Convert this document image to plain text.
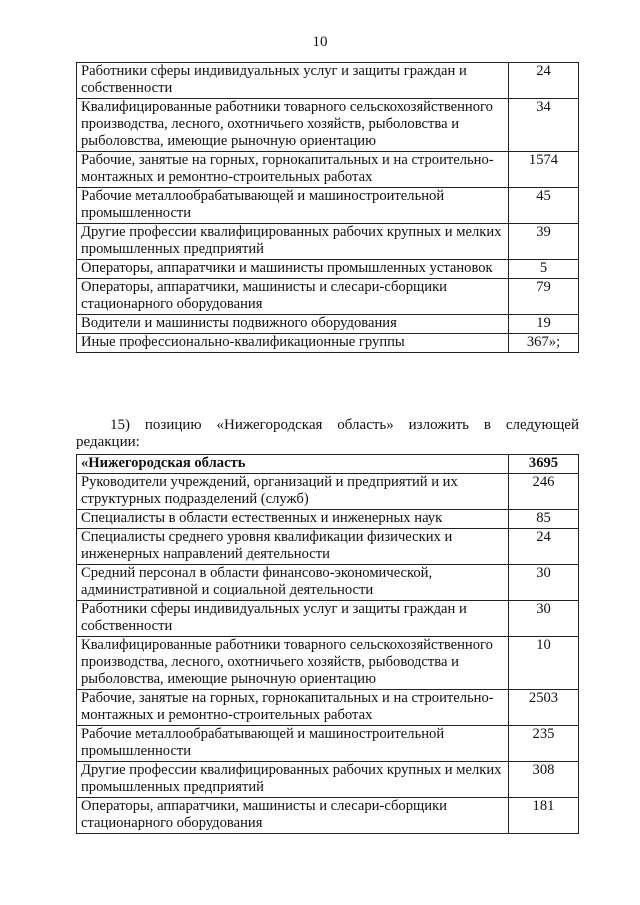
10
Работники сферы индивидуальных услуг и защиты граждан и собственности	24
Квалифицированные работники товарного сельскохозяйственного производства, лесного, охотничьего хозяйств, рыболовства и рыболовства, имеющие рыночную ориентацию	34
Рабочие, занятые на горных, горнокапитальных и на строительно-монтажных и ремонтно-строительных работах	1574
Рабочие металлообрабатывающей и машиностроительной промышленности	45
Другие профессии квалифицированных рабочих крупных и мелких промышленных предприятий	39
Операторы, аппаратчики и машинисты промышленных установок	5
Операторы, аппаратчики, машинисты и слесари-сборщики стационарного оборудования	79
Водители и машинисты подвижного оборудования	19
Иные профессионально-квалификационные группы	367»;
15) позицию «Нижегородская область» изложить в следующей редакции:
«Нижегородская область	3695
Руководители учреждений, организаций и предприятий и их структурных подразделений (служб)	246
Специалисты в области естественных и инженерных наук	85
Специалисты среднего уровня квалификации физических и инженерных направлений деятельности	24
Средний персонал в области финансово-экономической, административной и социальной деятельности	30
Работники сферы индивидуальных услуг и защиты граждан и собственности	30
Квалифицированные работники товарного сельскохозяйственного производства, лесного, охотничьего хозяйств, рыбоводства и рыболовства, имеющие рыночную ориентацию	10
Рабочие, занятые на горных, горнокапитальных и на строительно-монтажных и ремонтно-строительных работах	2503
Рабочие металлообрабатывающей и машиностроительной промышленности	235
Другие профессии квалифицированных рабочих крупных и мелких промышленных предприятий	308
Операторы, аппаратчики, машинисты и слесари-сборщики стационарного оборудования	181
